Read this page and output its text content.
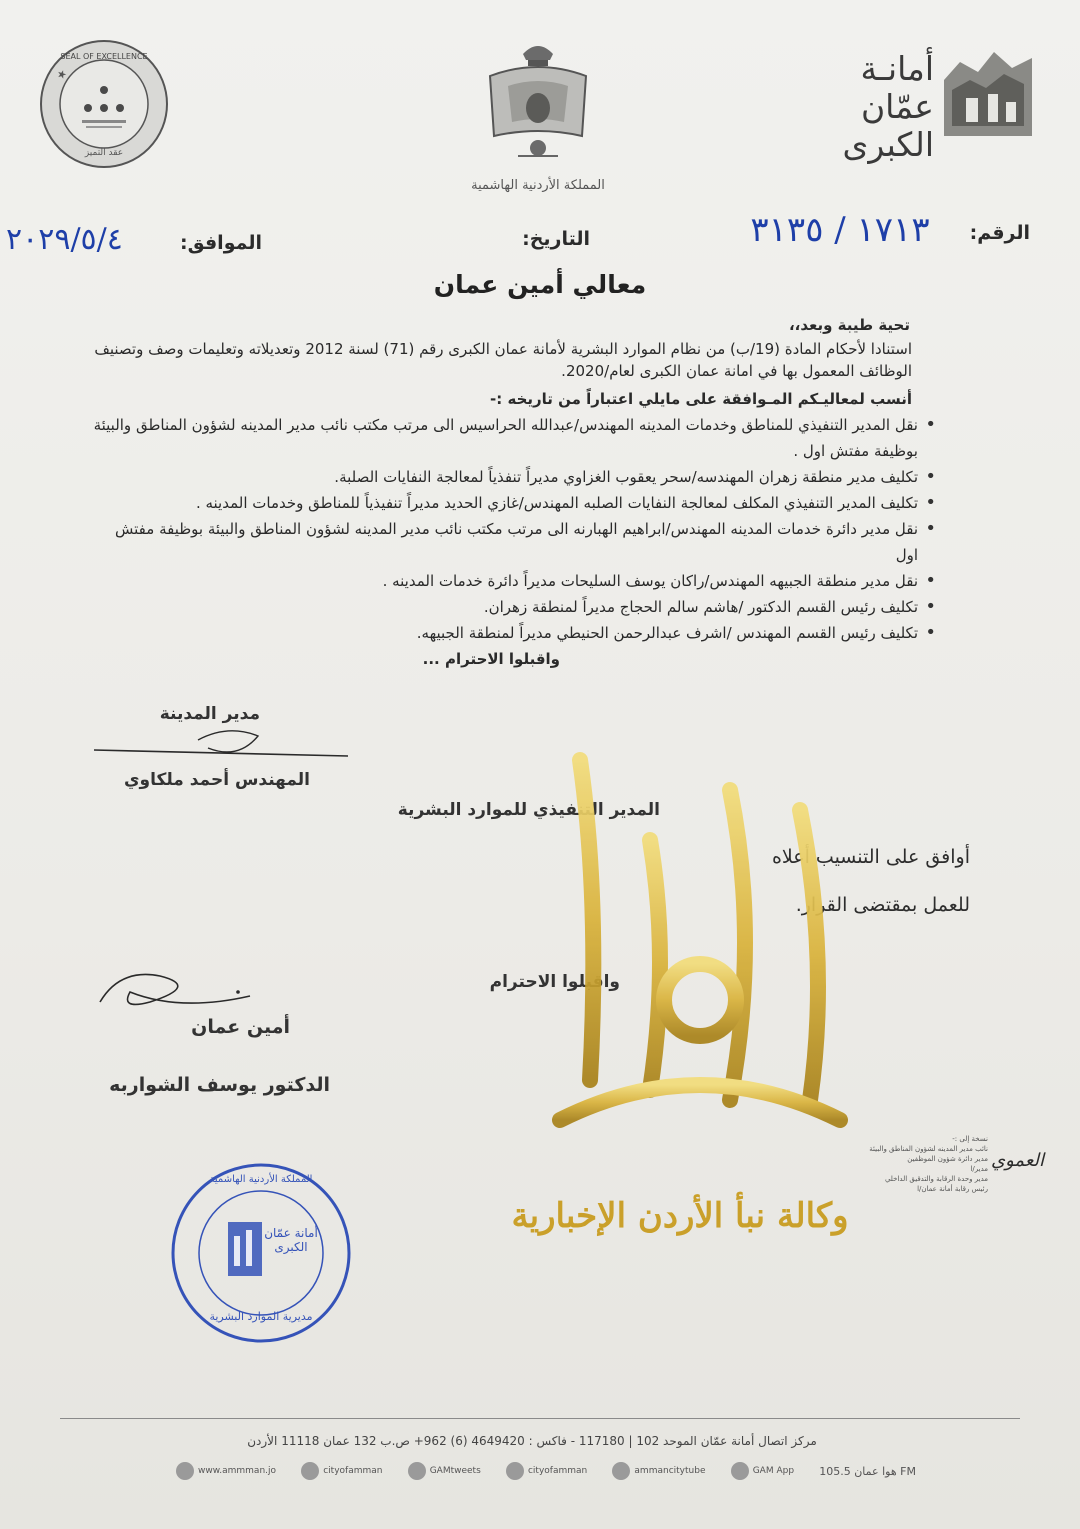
★
SEAL OF EXCELLENCE
عقد التميز
المملكة الأردنية الهاشمية
أمانـة
عمّان
الكبرى
الرقم:
١٧١٣ / ٣١٣٥
التاريخ:
الموافق:
٢٠٢٩/٥/٤
معالي أمين عمان
تحية طيبة وبعد،،
استنادا لأحكام المادة (19/ب) من نظام الموارد البشرية لأمانة عمان الكبرى رقم (71) لسنة 2012 وتعديلاته وتعليمات وصف وتصنيف الوظائف المعمول بها في امانة عمان الكبرى لعام/2020.
أنسب لمعاليـكم المـوافقة على مايلي اعتباراً من تاريخه :-
• نقل المدير التنفيذي للمناطق وخدمات المدينه المهندس/عبدالله الحراسيس الى مرتب مكتب نائب مدير المدينه لشؤون المناطق والبيئة بوظيفة مفتش اول .
• تكليف مدير منطقة زهران المهندسه/سحر يعقوب الغزاوي مديراً تنفذياً لمعالجة النفايات الصلبة.
• تكليف المدير التنفيذي المكلف لمعالجة النفايات الصلبه المهندس/غازي الحديد مديراً تنفيذياً للمناطق وخدمات المدينه .
• نقل مدير دائرة خدمات المدينه المهندس/ابراهيم الهبارنه الى مرتب مكتب نائب مدير المدينه لشؤون المناطق والبيئة بوظيفة مفتش اول
• نقل مدير منطقة الجبيهه المهندس/راكان يوسف السليحات مديراً دائرة خدمات المدينه .
• تكليف رئيس القسم الدكتور /هاشم سالم الحجاج مديراً لمنطقة زهران.
• تكليف رئيس القسم المهندس /اشرف عبدالرحمن الحنيطي مديراً لمنطقة الجبيهه.
واقبلوا الاحترام ...
مدير المدينة
المهندس أحمد ملكاوي
المدير التنفيذي للموارد البشرية
أوافق على التنسيب أعلاه
للعمل بمقتضى القرار.
واقبلوا الاحترام
أمين عمان
الدكتور يوسف الشواربه
المملكة الأردنية الهاشمية
أمانة عمّان الكبرى
مديرية الموارد البشرية
نسخة إلى :-
نائب مدير المدينه لشؤون المناطق والبيئة
مدير دائرة شؤون الموظفين
مدير/ا
مدير وحدة الرقابة والتدقيق الداخلي
رئيس رقابة أمانة عمان/ا
العموي
وكالة نبأ الأردن الإخبارية
مركز اتصال أمانة عمّان الموحد 102 | 117180 - فاكس : 4649420 (6) 962+ ص.ب 132 عمان 11118 الأردن
www.ammman.jo	cityofamman	GAMtweets	cityofamman	ammancitytube	GAM App هوا عمان 105.5 FM
